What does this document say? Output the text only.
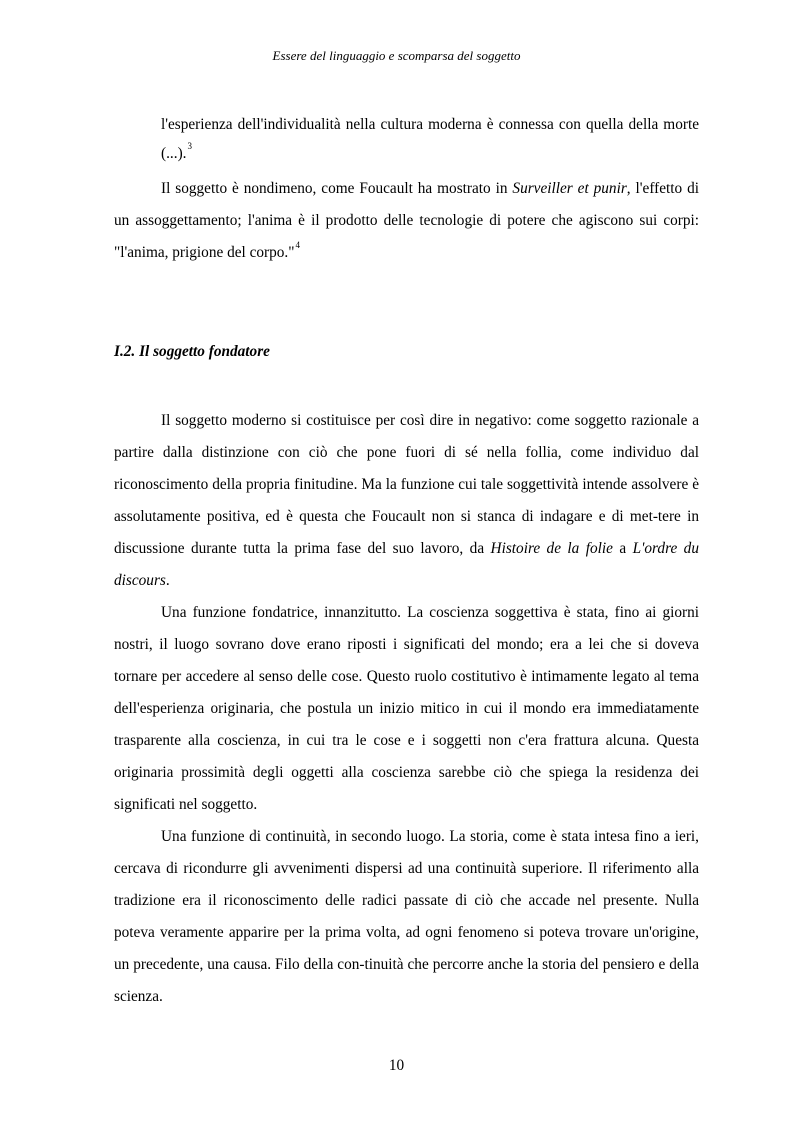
Essere del linguaggio e scomparsa del soggetto

l'esperienza dell'individualità nella cultura moderna è connessa con quella della morte (...).$^3$

Il soggetto è nondimeno, come Foucault ha mostrato in Surveiller et punir, l'effetto di un assoggettamento; l'anima è il prodotto delle tecnologie di potere che agiscono sui corpi: "l'anima, prigione del corpo."$^4$

I.2. Il soggetto fondatore

Il soggetto moderno si costituisce per così dire in negativo: come soggetto razionale a partire dalla distinzione con ciò che pone fuori di sé nella follia, come individuo dal riconoscimento della propria finitudine. Ma la funzione cui tale soggettività intende assolvere è assolutamente positiva, ed è questa che Foucault non si stanca di indagare e di met-tere in discussione durante tutta la prima fase del suo lavoro, da Histoire de la folie a L'ordre du discours.

Una funzione fondatrice, innanzitutto. La coscienza soggettiva è stata, fino ai giorni nostri, il luogo sovrano dove erano riposti i significati del mondo; era a lei che si doveva tornare per accedere al senso delle cose. Questo ruolo costitutivo è intimamente legato al tema dell'esperienza originaria, che postula un inizio mitico in cui il mondo era immediatamente trasparente alla coscienza, in cui tra le cose e i soggetti non c'era frattura alcuna. Questa originaria prossimità degli oggetti alla coscienza sarebbe ciò che spiega la residenza dei significati nel soggetto.

Una funzione di continuità, in secondo luogo. La storia, come è stata intesa fino a ieri, cercava di ricondurre gli avvenimenti dispersi ad una continuità superiore. Il riferimento alla tradizione era il riconoscimento delle radici passate di ciò che accade nel presente. Nulla poteva veramente apparire per la prima volta, ad ogni fenomeno si poteva trovare un'origine, un precedente, una causa. Filo della con-tinuità che percorre anche la storia del pensiero e della scienza.

10
